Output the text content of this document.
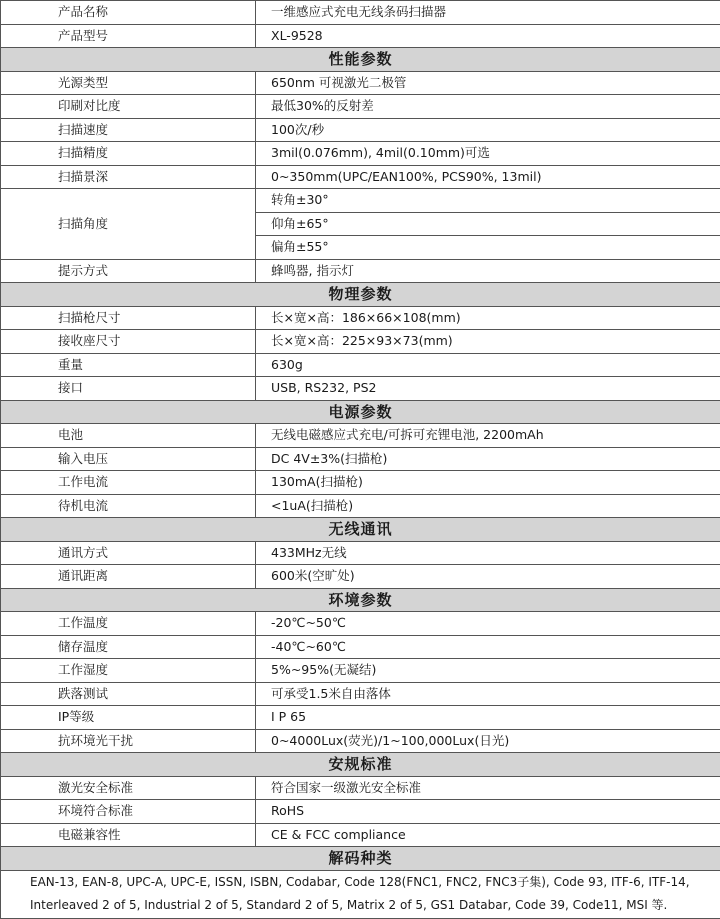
产品名称	一维感应式充电无线条码扫描器
产品型号	XL-9528
性能参数	
光源类型	650nm 可视激光二极管
印刷对比度	最低30%的反射差
扫描速度	100次/秒
扫描精度	3mil(0.076mm), 4mil(0.10mm)可选
扫描景深	0~350mm(UPC/EAN100%, PCS90%, 13mil)
扫描角度	转角±30°
	仰角±65°
	偏角±55°
提示方式	蜂鸣器, 指示灯
物理参数	
扫描枪尺寸	长×宽×高：186×66×108(mm)
接收座尺寸	长×宽×高：225×93×73(mm)
重量	630g
接口	USB, RS232, PS2
电源参数	
电池	无线电磁感应式充电/可拆可充锂电池, 2200mAh
输入电压	DC 4V±3%(扫描枪)
工作电流	130mA(扫描枪)
待机电流	<1uA(扫描枪)
无线通讯	
通讯方式	433MHz无线
通讯距离	600米(空旷处)
环境参数	
工作温度	-20℃~50℃
储存温度	-40℃~60℃
工作湿度	5%~95%(无凝结)
跌落测试	可承受1.5米自由落体
IP等级	I P 65
抗环境光干扰	0~4000Lux(荧光)/1~100,000Lux(日光)
安规标准	
激光安全标准	符合国家一级激光安全标准
环境符合标准	RoHS
电磁兼容性	CE & FCC compliance
解码种类	
EAN-13, EAN-8, UPC-A, UPC-E, ISSN, ISBN, Codabar, Code 128(FNC1, FNC2, FNC3子集), Code 93, ITF-6, ITF-14, Interleaved 2 of 5, Industrial 2 of 5, Standard 2 of 5, Matrix 2 of 5, GS1 Databar, Code 39, Code11, MSI 等.	
